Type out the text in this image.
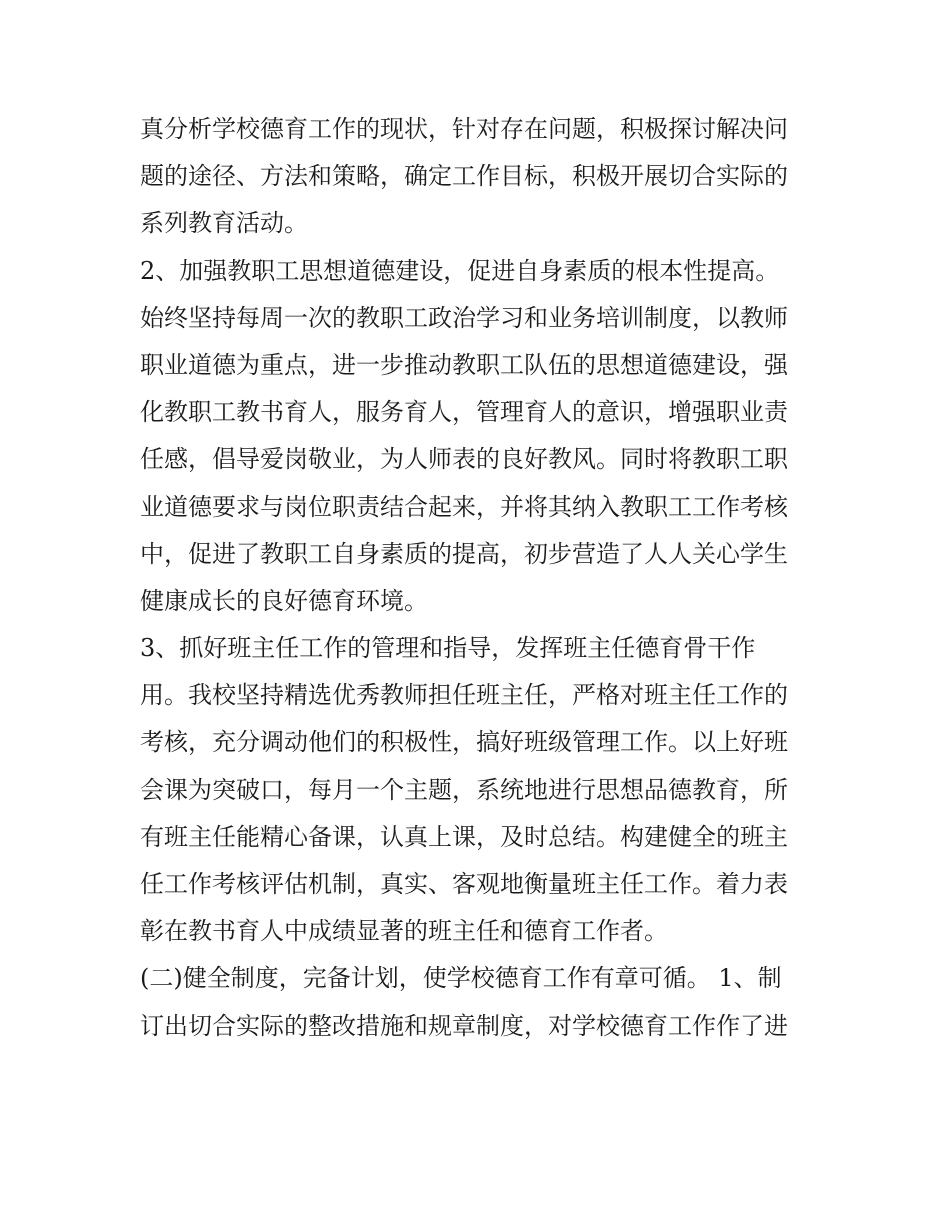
真分析学校德育工作的现状，针对存在问题，积极探讨解决问
题的途径、方法和策略，确定工作目标，积极开展切合实际的
系列教育活动。
2、加强教职工思想道德建设，促进自身素质的根本性提高。
始终坚持每周一次的教职工政治学习和业务培训制度，以教师
职业道德为重点，进一步推动教职工队伍的思想道德建设，强
化教职工教书育人，服务育人，管理育人的意识，增强职业责
任感，倡导爱岗敬业，为人师表的良好教风。同时将教职工职
业道德要求与岗位职责结合起来，并将其纳入教职工工作考核
中，促进了教职工自身素质的提高，初步营造了人人关心学生
健康成长的良好德育环境。
3、抓好班主任工作的管理和指导，发挥班主任德育骨干作
用。我校坚持精选优秀教师担任班主任，严格对班主任工作的
考核，充分调动他们的积极性，搞好班级管理工作。以上好班
会课为突破口，每月一个主题，系统地进行思想品德教育，所
有班主任能精心备课，认真上课，及时总结。构建健全的班主
任工作考核评估机制，真实、客观地衡量班主任工作。着力表
彰在教书育人中成绩显著的班主任和德育工作者。
(二)健全制度，完备计划，使学校德育工作有章可循。 1、制
订出切合实际的整改措施和规章制度，对学校德育工作作了进
